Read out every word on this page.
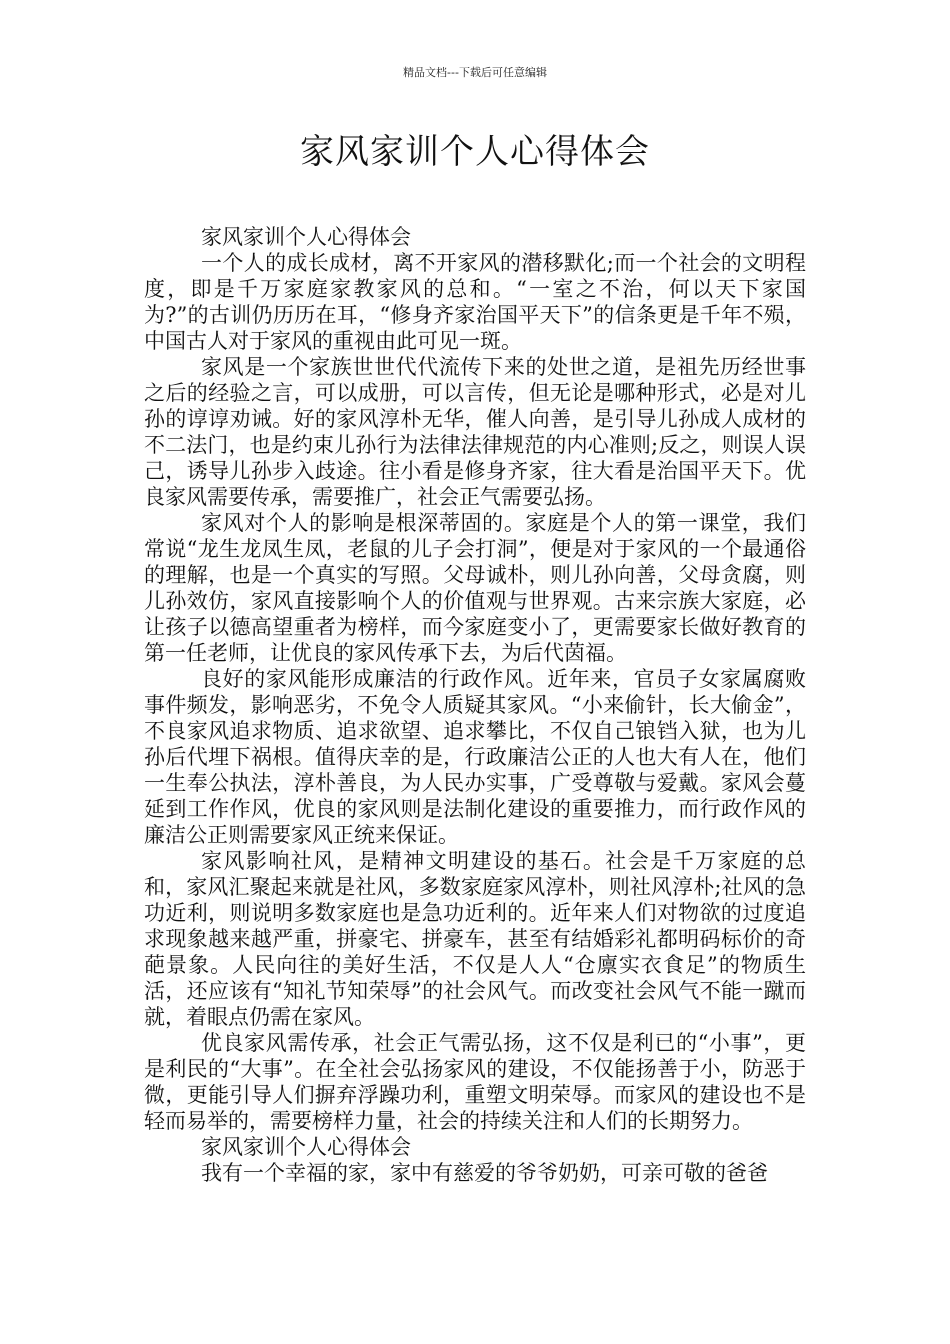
精品文档---下载后可任意编辑
家风家训个人心得体会

家风家训个人心得体会

一个人的成长成材，离不开家风的潜移默化;而一个社会的文明程度，即是千万家庭家教家风的总和。“一室之不治，何以天下家国为?”的古训仍历历在耳，“修身齐家治国平天下”的信条更是千年不殒，中国古人对于家风的重视由此可见一斑。

家风是一个家族世世代代流传下来的处世之道，是祖先历经世事之后的经验之言，可以成册，可以言传，但无论是哪种形式，必是对儿孙的谆谆劝诫。好的家风淳朴无华，催人向善，是引导儿孙成人成材的不二法门，也是约束儿孙行为法律法律规范的内心准则;反之，则误人误己，诱导儿孙步入歧途。往小看是修身齐家，往大看是治国平天下。优良家风需要传承，需要推广，社会正气需要弘扬。

家风对个人的影响是根深蒂固的。家庭是个人的第一课堂，我们常说“龙生龙凤生凤，老鼠的儿子会打洞”，便是对于家风的一个最通俗的理解，也是一个真实的写照。父母诚朴，则儿孙向善，父母贪腐，则儿孙效仿，家风直接影响个人的价值观与世界观。古来宗族大家庭，必让孩子以德高望重者为榜样，而今家庭变小了，更需要家长做好教育的第一任老师，让优良的家风传承下去，为后代茵福。

良好的家风能形成廉洁的行政作风。近年来，官员子女家属腐败事件频发，影响恶劣，不免令人质疑其家风。“小来偷针，长大偷金”，不良家风追求物质、追求欲望、追求攀比，不仅自己锒铛入狱，也为儿孙后代埋下祸根。值得庆幸的是，行政廉洁公正的人也大有人在，他们一生奉公执法，淳朴善良，为人民办实事，广受尊敬与爱戴。家风会蔓延到工作作风，优良的家风则是法制化建设的重要推力，而行政作风的廉洁公正则需要家风正统来保证。

家风影响社风，是精神文明建设的基石。社会是千万家庭的总和，家风汇聚起来就是社风，多数家庭家风淳朴，则社风淳朴;社风的急功近利，则说明多数家庭也是急功近利的。近年来人们对物欲的过度追求现象越来越严重，拼豪宅、拼豪车，甚至有结婚彩礼都明码标价的奇葩景象。人民向往的美好生活，不仅是人人“仓廪实衣食足”的物质生活，还应该有“知礼节知荣辱”的社会风气。而改变社会风气不能一蹴而就，着眼点仍需在家风。

优良家风需传承，社会正气需弘扬，这不仅是利已的“小事”，更是利民的“大事”。在全社会弘扬家风的建设，不仅能扬善于小，防恶于微，更能引导人们摒弃浮躁功利，重塑文明荣辱。而家风的建设也不是轻而易举的，需要榜样力量，社会的持续关注和人们的长期努力。

家风家训个人心得体会

我有一个幸福的家，家中有慈爱的爷爷奶奶，可亲可敬的爸爸
